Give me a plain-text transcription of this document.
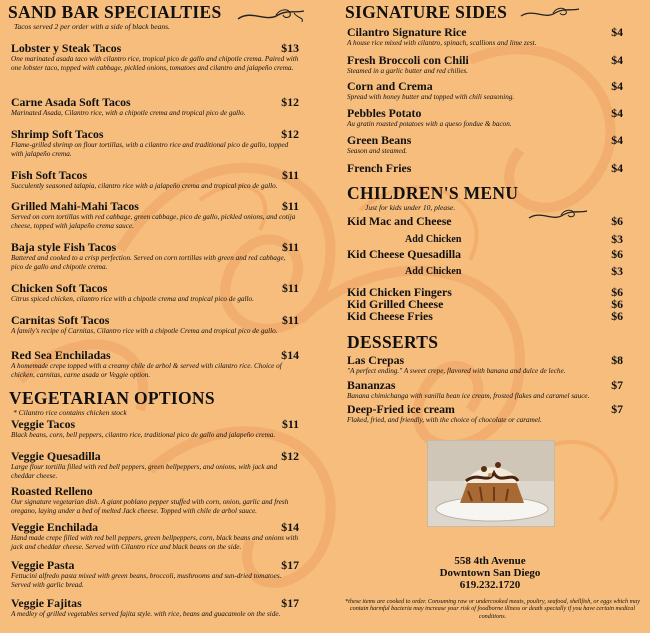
SAND BAR SPECIALTIES
Tacos served 2 per order with a side of black beans.
Lobster y Steak Tacos	$13
One marinated asada taco with cilantro rice, tropical pico de gallo and chipotle crema. Paired with one lobster taco, topped with cabbage, pickled onions, tomatoes and cilantro and jalapeño crema.
Carne Asada Soft Tacos	$12
Marinated Asada, Cilantro rice, with a chipotle crema and tropical pico de gallo.
Shrimp Soft Tacos	$12
Flame-grilled shrimp on flour tortillas, with a cilantro rice and traditional pico de gallo, topped with jalapeño crema.
Fish Soft Tacos	$11
Succulently seasoned talapia, cilantro rice with a jalapeño crema and tropical pico de gallo.
Grilled Mahi-Mahi Tacos	$11
Served on corn tortillas with red cabbage, green cabbage, pico de gallo, pickled onions, and cotija cheese, topped with jalapeño crema sauce.
Baja style Fish Tacos	$11
Battered and cooked to a crisp perfection. Served on corn tortillas with green and red cabbage, pico de gallo and chipotle crema.
Chicken Soft Tacos	$11
Citrus spiced chicken, cilantro rice with a chipotle crema and tropical pico de gallo.
Carnitas Soft Tacos	$11
A family's recipe of Carnitas, Cilantro rice with a chipotle Crema and tropical pico de gallo.
Red Sea Enchiladas	$14
A homemade crepe topped with a creamy chile de arbol & served with cilantro rice. Choice of chicken, carnitas, carne asada or Veggie option.
VEGETARIAN OPTIONS
* Cilantro rice contains chicken stock
Veggie Tacos	$11
Black beans, corn, bell peppers, cilantro rice, traditional pico de gallo and jalapeño crema.
Veggie Quesadilla	$12
Large flour tortilla filled with red bell peppers, green bellpeppers, and onions, with jack and cheddar cheese.
Roasted Relleno
Our signature vegetarian dish. A giant poblano pepper stuffed with corn, onion, garlic and fresh oregano, laying under a bed of melted Jack cheese. Topped with chile de arbol sauce.
Veggie Enchilada	$14
Hand made crepe filled with red bell peppers, green bellpeppers, corn, black beans and onions with jack and cheddar cheese. Served with Cilantro rice and black beans on the side.
Veggie Pasta	$17
Fettucini alfredo pasta mixed with green beans, broccoli, mushrooms and sun-dried tomatoes. Served with garlic bread.
Veggie Fajitas	$17
A medley of grilled vegetables served fajita style. with rice, beans and guacamole on the side.
SIGNATURE SIDES
Cilantro Signature Rice	$4
A house rice mixed with cilantro, spinach, scallions and lime zest.
Fresh Broccoli con Chili	$4
Steamed in a garlic butter and red chilies.
Corn and Crema	$4
Spread with honey butter and topped with chili seasoning.
Pebbles Potato	$4
Au gratin roasted potatoes with a queso fondue & bacon.
Green Beans	$4
Season and steamed.
French Fries	$4
CHILDREN'S MENU
Just for kids under 10, please.
Kid Mac and Cheese	$6
Add Chicken	$3
Kid Cheese Quesadilla	$6
Add Chicken	$3
Kid Chicken Fingers	$6
Kid Grilled Cheese	$6
Kid Cheese Fries	$6
DESSERTS
Las Crepas	$8
"A perfect ending." A sweet crepe, flavored with banana and dulce de leche.
Bananzas	$7
Banana chimichanga with vanilla bean ice cream, frosted flakes and caramel sauce.
Deep-Fried ice cream	$7
Flaked, fried, and friendly, with the choice of chocolate or caramel.
558 4th Avenue
Downtown San Diego
619.232.1720
*these items are cooked to order. Consuming raw or undercooked meats, poultry, seafood, shellfish, or eggs which may contain harmful bacteria may increase your risk of foodborne illness or death specially if you have certain medical conditions.
